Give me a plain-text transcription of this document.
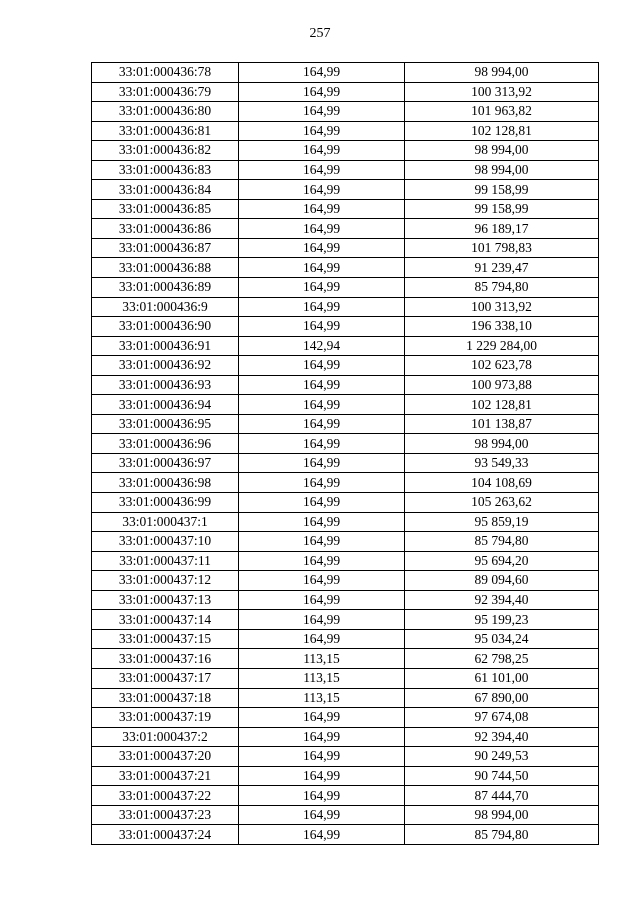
257
33:01:000436:78	164,99	98 994,00
33:01:000436:79	164,99	100 313,92
33:01:000436:80	164,99	101 963,82
33:01:000436:81	164,99	102 128,81
33:01:000436:82	164,99	98 994,00
33:01:000436:83	164,99	98 994,00
33:01:000436:84	164,99	99 158,99
33:01:000436:85	164,99	99 158,99
33:01:000436:86	164,99	96 189,17
33:01:000436:87	164,99	101 798,83
33:01:000436:88	164,99	91 239,47
33:01:000436:89	164,99	85 794,80
33:01:000436:9	164,99	100 313,92
33:01:000436:90	164,99	196 338,10
33:01:000436:91	142,94	1 229 284,00
33:01:000436:92	164,99	102 623,78
33:01:000436:93	164,99	100 973,88
33:01:000436:94	164,99	102 128,81
33:01:000436:95	164,99	101 138,87
33:01:000436:96	164,99	98 994,00
33:01:000436:97	164,99	93 549,33
33:01:000436:98	164,99	104 108,69
33:01:000436:99	164,99	105 263,62
33:01:000437:1	164,99	95 859,19
33:01:000437:10	164,99	85 794,80
33:01:000437:11	164,99	95 694,20
33:01:000437:12	164,99	89 094,60
33:01:000437:13	164,99	92 394,40
33:01:000437:14	164,99	95 199,23
33:01:000437:15	164,99	95 034,24
33:01:000437:16	113,15	62 798,25
33:01:000437:17	113,15	61 101,00
33:01:000437:18	113,15	67 890,00
33:01:000437:19	164,99	97 674,08
33:01:000437:2	164,99	92 394,40
33:01:000437:20	164,99	90 249,53
33:01:000437:21	164,99	90 744,50
33:01:000437:22	164,99	87 444,70
33:01:000437:23	164,99	98 994,00
33:01:000437:24	164,99	85 794,80
